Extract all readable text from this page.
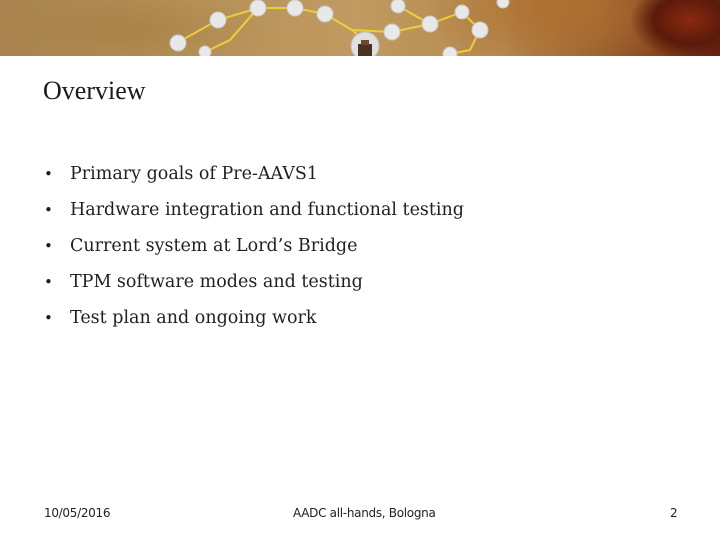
Overview
• Primary goals of Pre-AAVS1
• Hardware integration and functional testing
• Current system at Lord’s Bridge
• TPM software modes and testing
• Test plan and ongoing work
10/05/2016	AADC all-hands, Bologna	2
